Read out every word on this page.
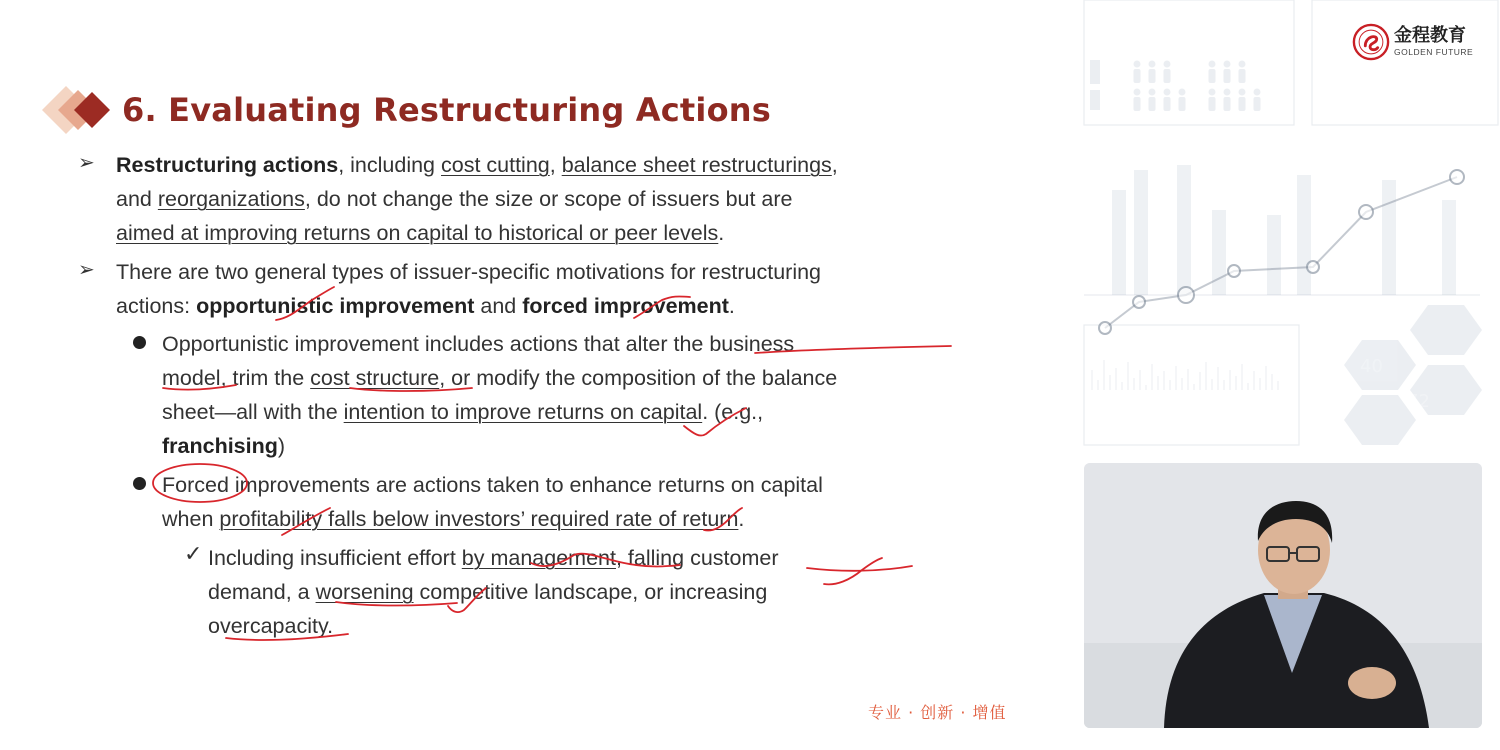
40
72
金程教育
GOLDEN FUTURE
6. Evaluating Restructuring Actions
➢ Restructuring actions, including cost cutting, balance sheet restructurings,
and reorganizations, do not change the size or scope of issuers but are
aimed at improving returns on capital to historical or peer levels.
➢ There are two general types of issuer-specific motivations for restructuring
actions: opportunistic improvement and forced improvement.
Opportunistic improvement includes actions that alter the business
model, trim the cost structure, or modify the composition of the balance
sheet—all with the intention to improve returns on capital. (e.g.,
franchising)
Forced improvements are actions taken to enhance returns on capital
when profitability falls below investors’ required rate of return.
✓ Including insufficient effort by management, falling customer
demand, a worsening competitive landscape, or increasing
overcapacity.
专业 · 创新 · 增值
